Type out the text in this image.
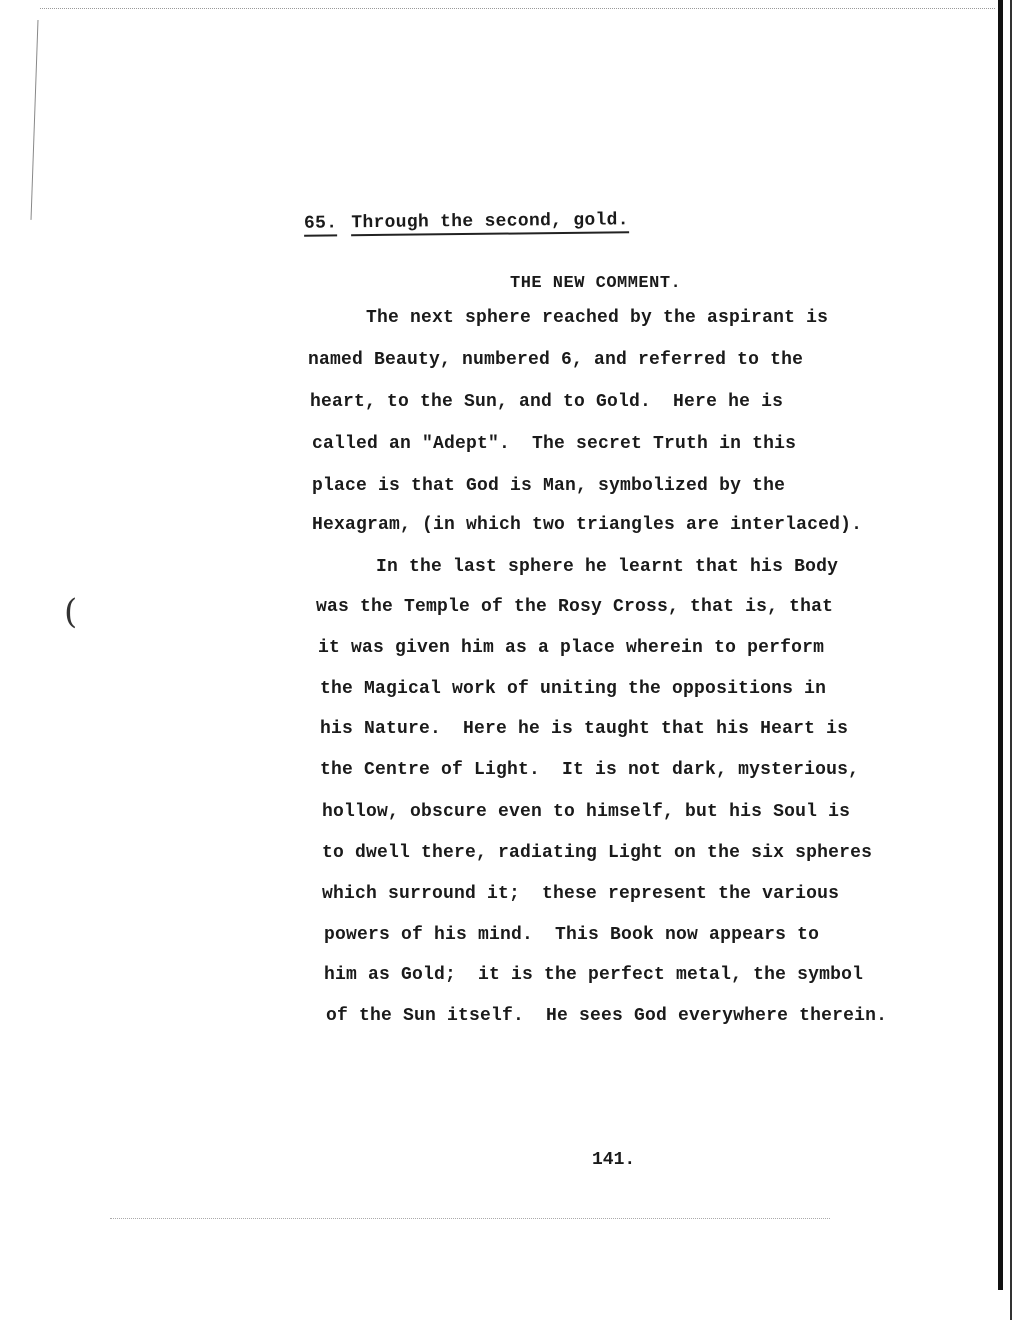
(
65. Through the second, gold.
THE NEW COMMENT.
The next sphere reached by the aspirant is
named Beauty, numbered 6, and referred to the
heart, to the Sun, and to Gold.  Here he is
called an "Adept".  The secret Truth in this
place is that God is Man, symbolized by the
Hexagram, (in which two triangles are interlaced).
In the last sphere he learnt that his Body
was the Temple of the Rosy Cross, that is, that
it was given him as a place wherein to perform
the Magical work of uniting the oppositions in
his Nature.  Here he is taught that his Heart is
the Centre of Light.  It is not dark, mysterious,
hollow, obscure even to himself, but his Soul is
to dwell there, radiating Light on the six spheres
which surround it;  these represent the various
powers of his mind.  This Book now appears to
him as Gold;  it is the perfect metal, the symbol
of the Sun itself.  He sees God everywhere therein.
141.
